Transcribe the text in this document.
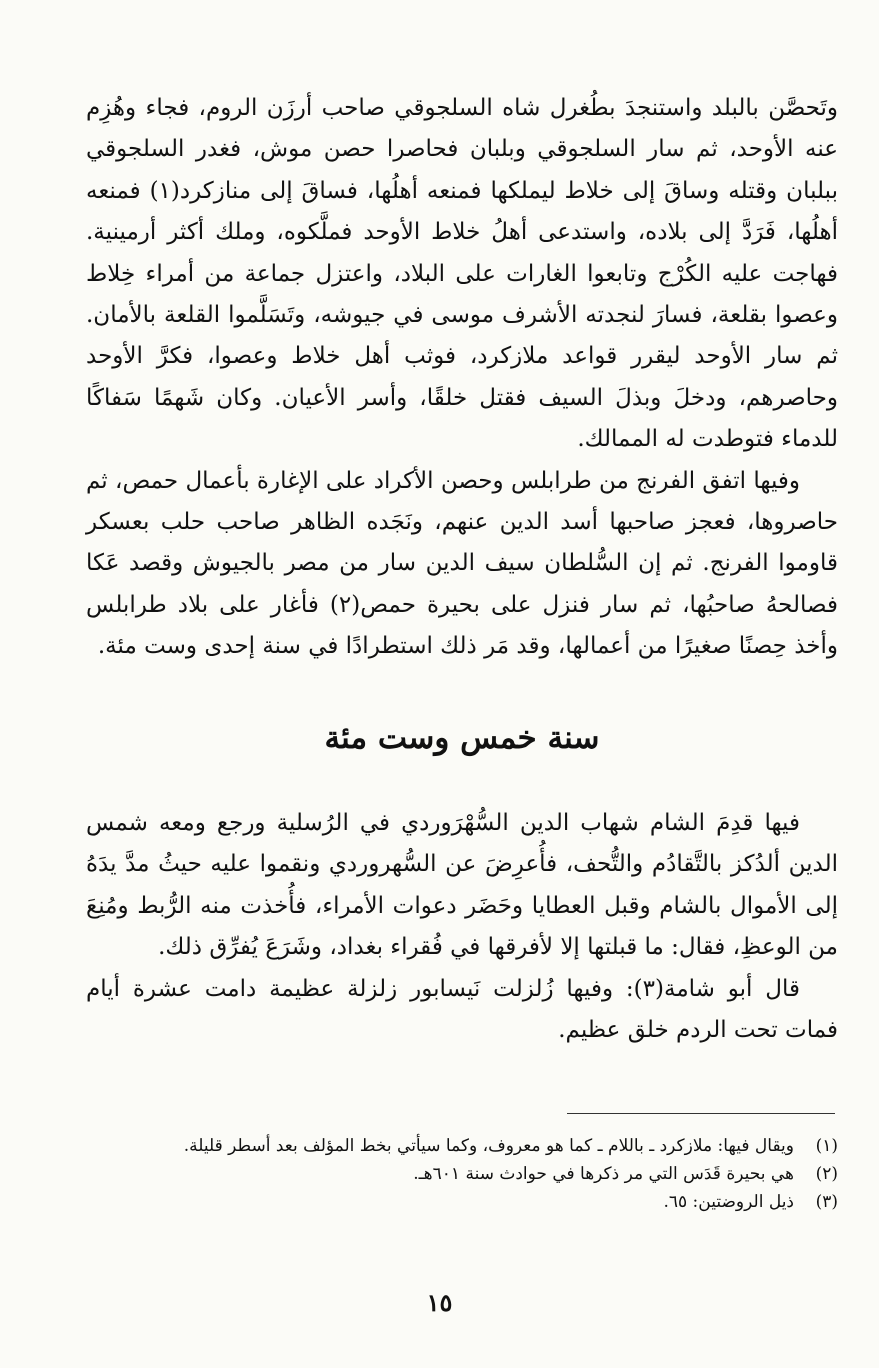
وتَحصَّن بالبلد واستنجدَ بطُغرل شاه السلجوقي صاحب أرزَن الروم، فجاء وهُزِم عنه الأوحد، ثم سار السلجوقي وبلبان فحاصرا حصن موش، فغدر السلجوقي ببلبان وقتله وساقَ إلى خلاط ليملكها فمنعه أهلُها، فساقَ إلى منازكرد(١) فمنعه أهلُها، فَرَدَّ إلى بلاده، واستدعى أهلُ خلاط الأوحد فملَّكوه، وملك أكثر أرمينية. فهاجت عليه الكُرْج وتابعوا الغارات على البلاد، واعتزل جماعة من أمراء خِلاط وعصوا بقلعة، فسارَ لنجدته الأشرف موسى في جيوشه، وتَسَلَّموا القلعة بالأمان. ثم سار الأوحد ليقرر قواعد ملازكرد، فوثب أهل خلاط وعصوا، فكرَّ الأوحد وحاصرهم، ودخلَ وبذلَ السيف فقتل خلقًا، وأسر الأعيان. وكان شَهمًا سَفاكًا للدماء فتوطدت له الممالك.

وفيها اتفق الفرنج من طرابلس وحصن الأكراد على الإغارة بأعمال حمص، ثم حاصروها، فعجز صاحبها أسد الدين عنهم، ونَجَده الظاهر صاحب حلب بعسكر قاوموا الفرنج. ثم إن السُّلطان سيف الدين سار من مصر بالجيوش وقصد عَكا فصالحهُ صاحبُها، ثم سار فنزل على بحيرة حمص(٢) فأغار على بلاد طرابلس وأخذ حِصنًا صغيرًا من أعمالها، وقد مَر ذلك استطرادًا في سنة إحدى وست مئة.

سنة خمس وست مئة

فيها قدِمَ الشام شهاب الدين السُّهْرَوردي في الرُسلية ورجع ومعه شمس الدين ألدُكز بالتَّقادُم والتُّحف، فأُعرِضَ عن السُّهروردي ونقموا عليه حيثُ مدَّ يدَهُ إلى الأموال بالشام وقبل العطايا وحَضَر دعوات الأمراء، فأُخذت منه الرُّبط ومُنِعَ من الوعظِ، فقال: ما قبلتها إلا لأفرقها في فُقراء بغداد، وشَرَعَ يُفرِّق ذلك.

قال أبو شامة(٣): وفيها زُلزلت نَيسابور زلزلة عظيمة دامت عشرة أيام فمات تحت الردم خلق عظيم.

(١)
ويقال فيها: ملازكرد ـ باللام ـ كما هو معروف، وكما سيأتي بخط المؤلف بعد أسطر قليلة.
(٢)
هي بحيرة قَدَس التي مر ذكرها في حوادث سنة ٦٠١هـ.
(٣)
ذيل الروضتين: ٦٥.
١٥
